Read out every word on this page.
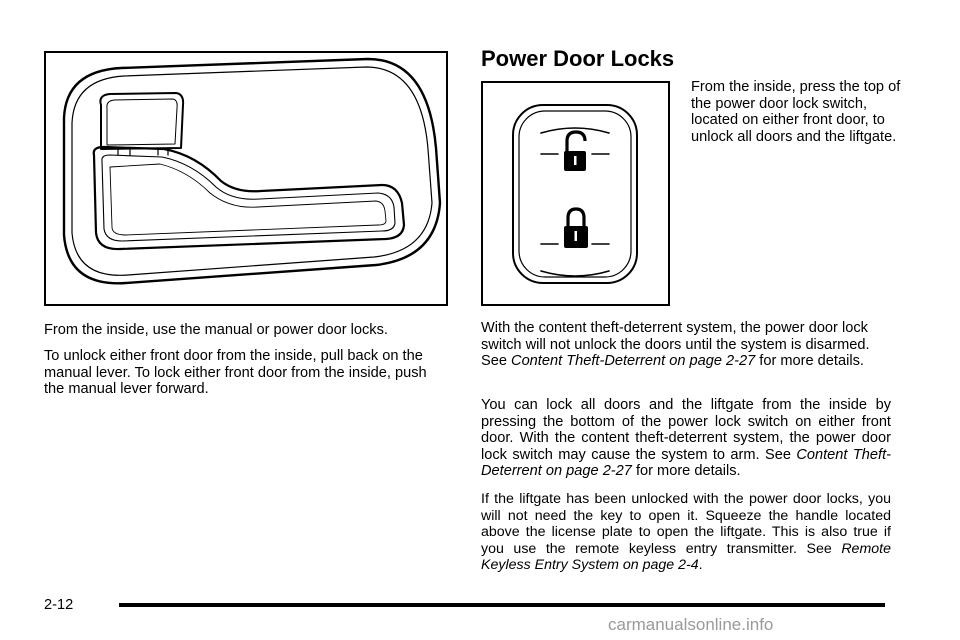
From the inside, use the manual or power door locks.

To unlock either front door from the inside, pull back on the manual lever. To lock either front door from the inside, push the manual lever forward.

Power Door Locks

From the inside, press the top of the power door lock switch, located on either front door, to unlock all doors and the liftgate.

With the content theft-deterrent system, the power door lock switch will not unlock the doors until the system is disarmed. See Content Theft-Deterrent on page 2-27 for more details.

You can lock all doors and the liftgate from the inside by pressing the bottom of the power lock switch on either front door. With the content theft-deterrent system, the power door lock switch may cause the system to arm. See Content Theft-Deterrent on page 2-27 for more details.

If the liftgate has been unlocked with the power door locks, you will not need the key to open it. Squeeze the handle located above the license plate to open the liftgate. This is also true if you use the remote keyless entry transmitter. See Remote Keyless Entry System on page 2-4.

2-12
carmanualsonline.info
